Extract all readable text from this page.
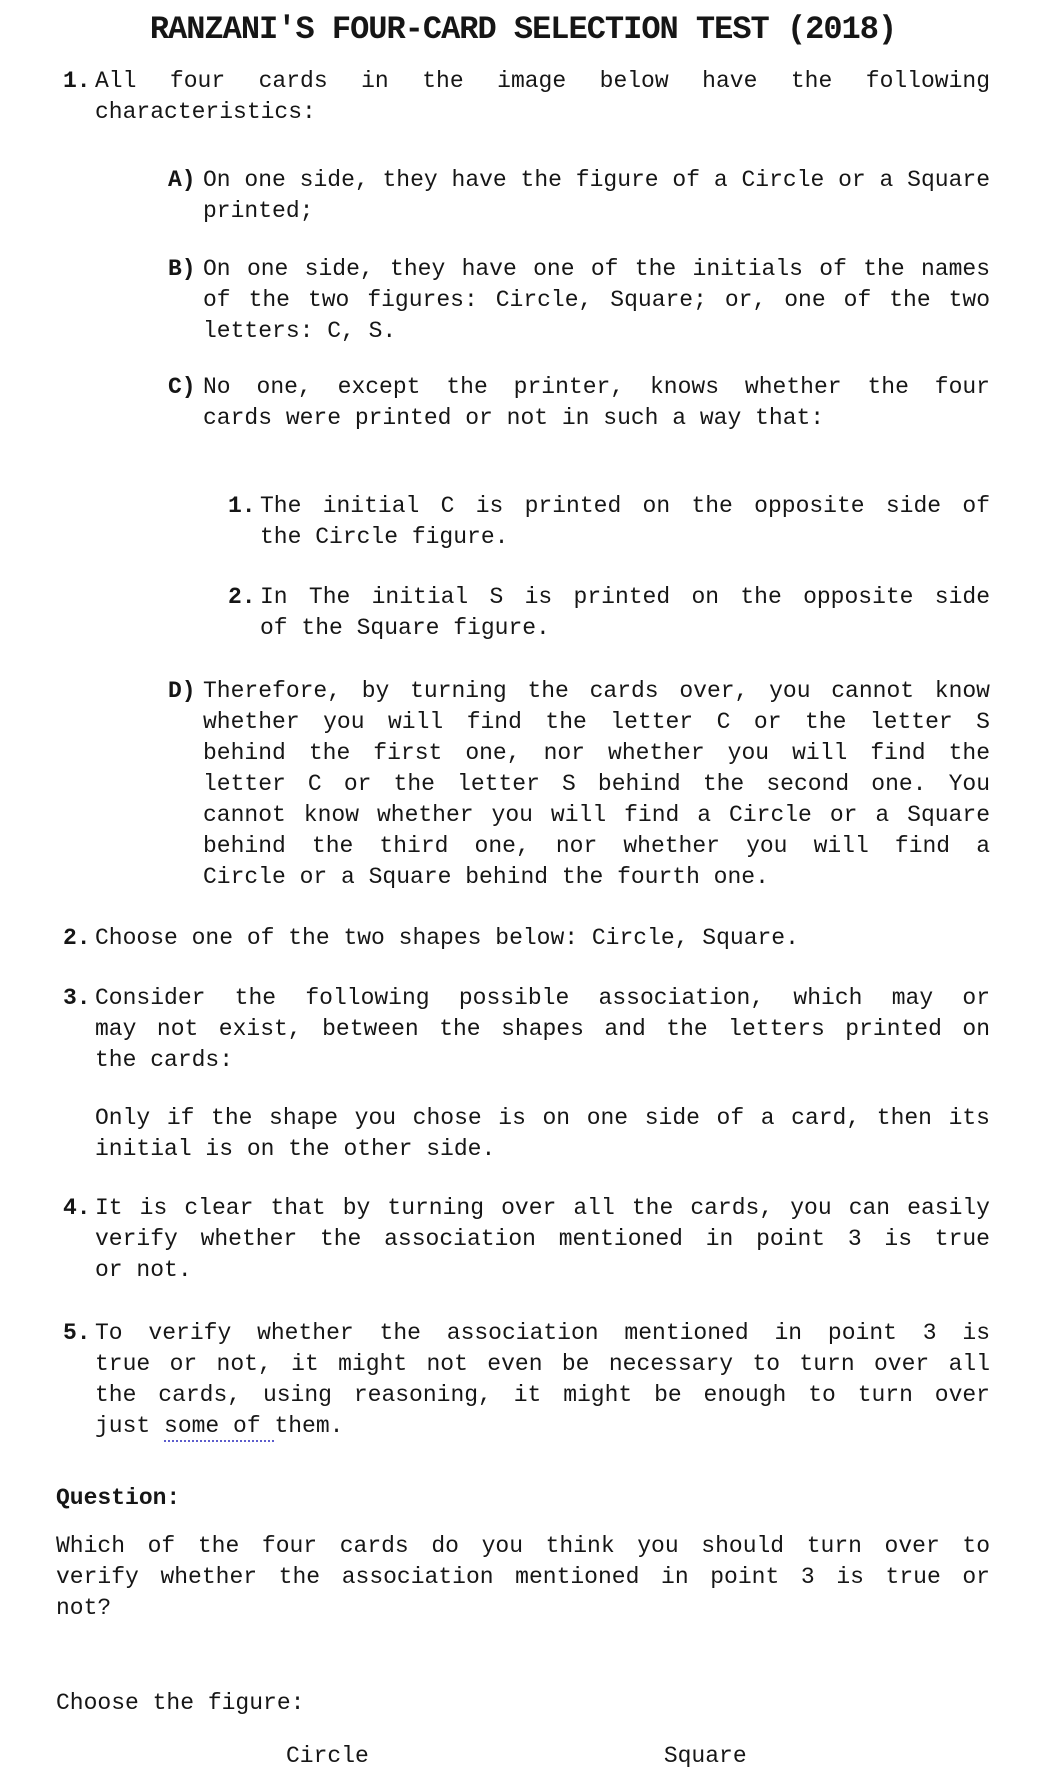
RANZANI'S FOUR-CARD SELECTION TEST (2018)
1. All four cards in the image below have the following
characteristics:
A) On one side, they have the figure of a Circle or a Square
printed;
B) On one side, they have one of the initials of the names
of the two figures: Circle, Square; or, one of the two
letters: C, S.
C) No one, except the printer, knows whether the four
cards were printed or not in such a way that:
1. The initial C is printed on the opposite side of
the Circle figure.
2. In The initial S is printed on the opposite side
of the Square figure.
D) Therefore, by turning the cards over, you cannot know
whether you will find the letter C or the letter S
behind the first one, nor whether you will find the
letter C or the letter S behind the second one. You
cannot know whether you will find a Circle or a Square
behind the third one, nor whether you will find a
Circle or a Square behind the fourth one.
2. Choose one of the two shapes below: Circle, Square.
3. Consider the following possible association, which may or
may not exist, between the shapes and the letters printed on
the cards:
Only if the shape you chose is on one side of a card, then its
initial is on the other side.
4. It is clear that by turning over all the cards, you can easily
verify whether the association mentioned in point 3 is true
or not.
5. To verify whether the association mentioned in point 3 is
true or not, it might not even be necessary to turn over all
the cards, using reasoning, it might be enough to turn over
just some of them.
Question:
Which of the four cards do you think you should turn over to
verify whether the association mentioned in point 3 is true or
not?
Choose the figure:
Circle	Square
